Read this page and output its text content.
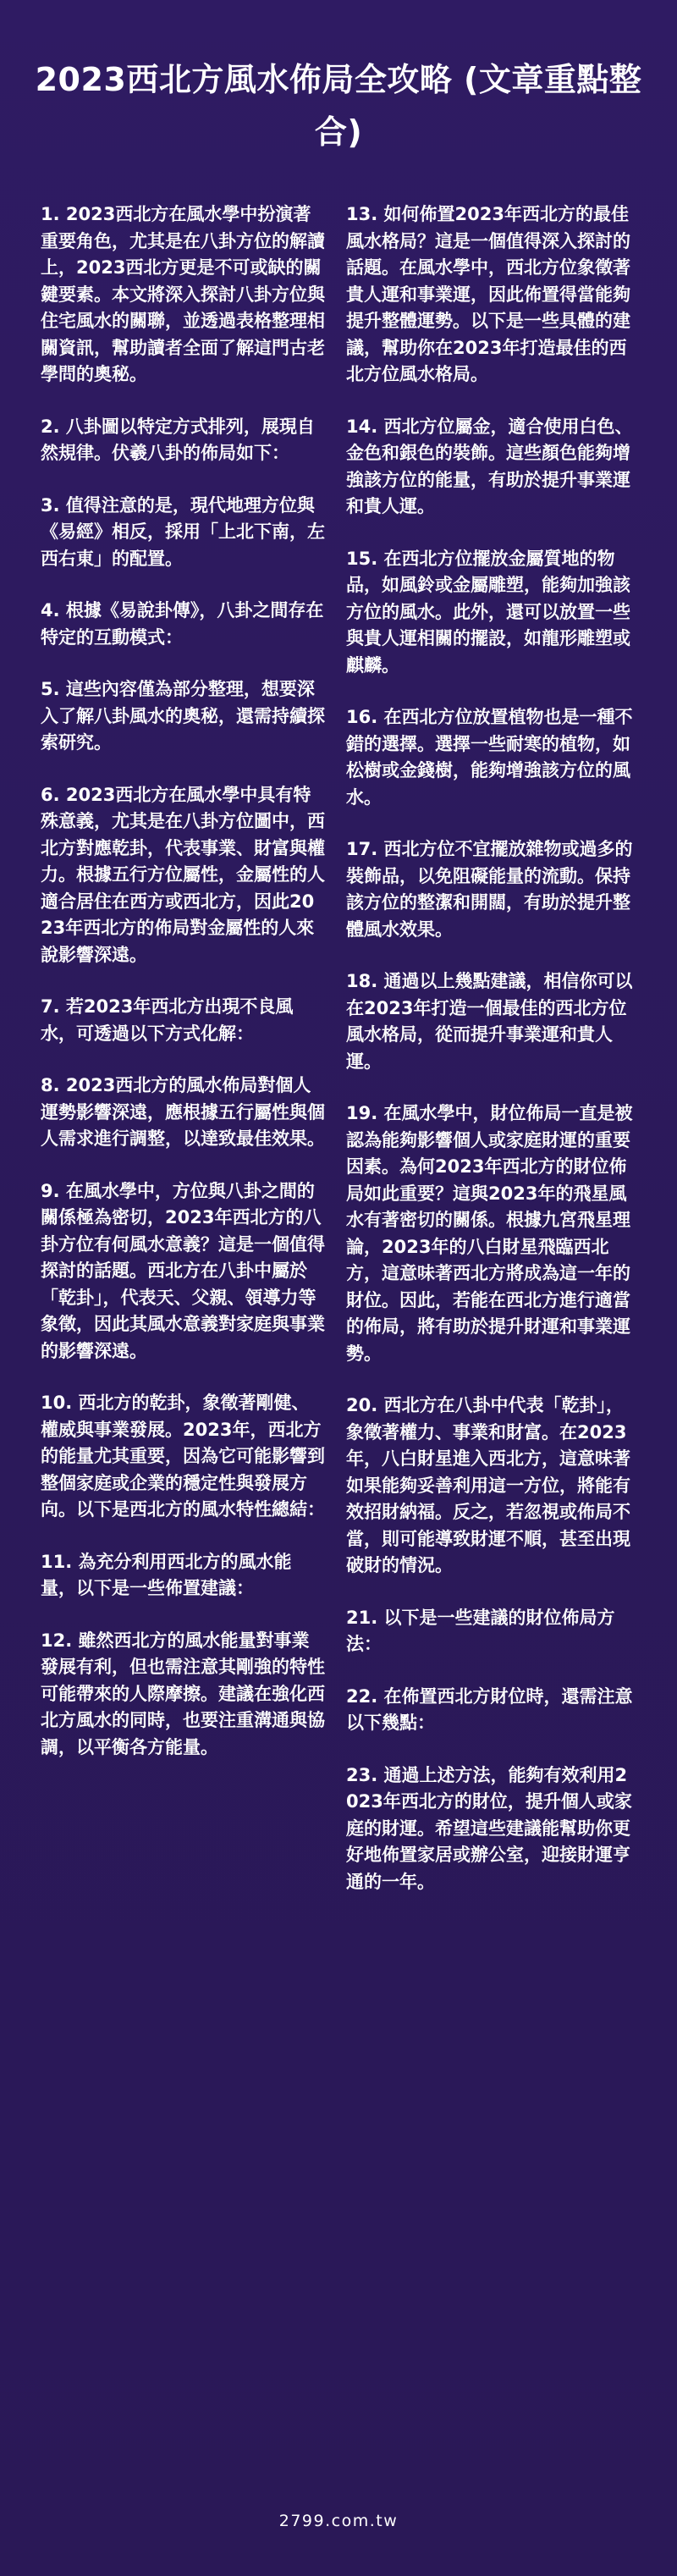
2023西北方風水佈局全攻略 (文章重點整合)

1. 2023西北方在風水學中扮演著重要角色，尤其是在八卦方位的解讀上，2023西北方更是不可或缺的關鍵要素。本文將深入探討八卦方位與住宅風水的關聯，並透過表格整理相關資訊，幫助讀者全面了解這門古老學問的奧秘。

2. 八卦圖以特定方式排列，展現自然規律。伏羲八卦的佈局如下：

3. 值得注意的是，現代地理方位與《易經》相反，採用「上北下南，左西右東」的配置。

4. 根據《易說卦傳》，八卦之間存在特定的互動模式：

5. 這些內容僅為部分整理，想要深入了解八卦風水的奧秘，還需持續探索研究。

6. 2023西北方在風水學中具有特殊意義，尤其是在八卦方位圖中，西北方對應乾卦，代表事業、財富與權力。根據五行方位屬性，金屬性的人適合居住在西方或西北方，因此2023年西北方的佈局對金屬性的人來說影響深遠。

7. 若2023年西北方出現不良風水，可透過以下方式化解：

8. 2023西北方的風水佈局對個人運勢影響深遠，應根據五行屬性與個人需求進行調整，以達致最佳效果。

9. 在風水學中，方位與八卦之間的關係極為密切，2023年西北方的八卦方位有何風水意義？這是一個值得探討的話題。西北方在八卦中屬於「乾卦」，代表天、父親、領導力等象徵，因此其風水意義對家庭與事業的影響深遠。

10. 西北方的乾卦，象徵著剛健、權威與事業發展。2023年，西北方的能量尤其重要，因為它可能影響到整個家庭或企業的穩定性與發展方向。以下是西北方的風水特性總結：

11. 為充分利用西北方的風水能量，以下是一些佈置建議：

12. 雖然西北方的風水能量對事業發展有利，但也需注意其剛強的特性可能帶來的人際摩擦。建議在強化西北方風水的同時，也要注重溝通與協調，以平衡各方能量。

13. 如何佈置2023年西北方的最佳風水格局？這是一個值得深入探討的話題。在風水學中，西北方位象徵著貴人運和事業運，因此佈置得當能夠提升整體運勢。以下是一些具體的建議，幫助你在2023年打造最佳的西北方位風水格局。

14. 西北方位屬金，適合使用白色、金色和銀色的裝飾。這些顏色能夠增強該方位的能量，有助於提升事業運和貴人運。

15. 在西北方位擺放金屬質地的物品，如風鈴或金屬雕塑，能夠加強該方位的風水。此外，還可以放置一些與貴人運相關的擺設，如龍形雕塑或麒麟。

16. 在西北方位放置植物也是一種不錯的選擇。選擇一些耐寒的植物，如松樹或金錢樹，能夠增強該方位的風水。

17. 西北方位不宜擺放雜物或過多的裝飾品，以免阻礙能量的流動。保持該方位的整潔和開闊，有助於提升整體風水效果。

18. 通過以上幾點建議，相信你可以在2023年打造一個最佳的西北方位風水格局，從而提升事業運和貴人運。

19. 在風水學中，財位佈局一直是被認為能夠影響個人或家庭財運的重要因素。為何2023年西北方的財位佈局如此重要？這與2023年的飛星風水有著密切的關係。根據九宮飛星理論，2023年的八白財星飛臨西北方，這意味著西北方將成為這一年的財位。因此，若能在西北方進行適當的佈局，將有助於提升財運和事業運勢。

20. 西北方在八卦中代表「乾卦」，象徵著權力、事業和財富。在2023年，八白財星進入西北方，這意味著如果能夠妥善利用這一方位，將能有效招財納福。反之，若忽視或佈局不當，則可能導致財運不順，甚至出現破財的情況。

21. 以下是一些建議的財位佈局方法：

22. 在佈置西北方財位時，還需注意以下幾點：

23. 通過上述方法，能夠有效利用2023年西北方的財位，提升個人或家庭的財運。希望這些建議能幫助你更好地佈置家居或辦公室，迎接財運亨通的一年。

2799.com.tw
